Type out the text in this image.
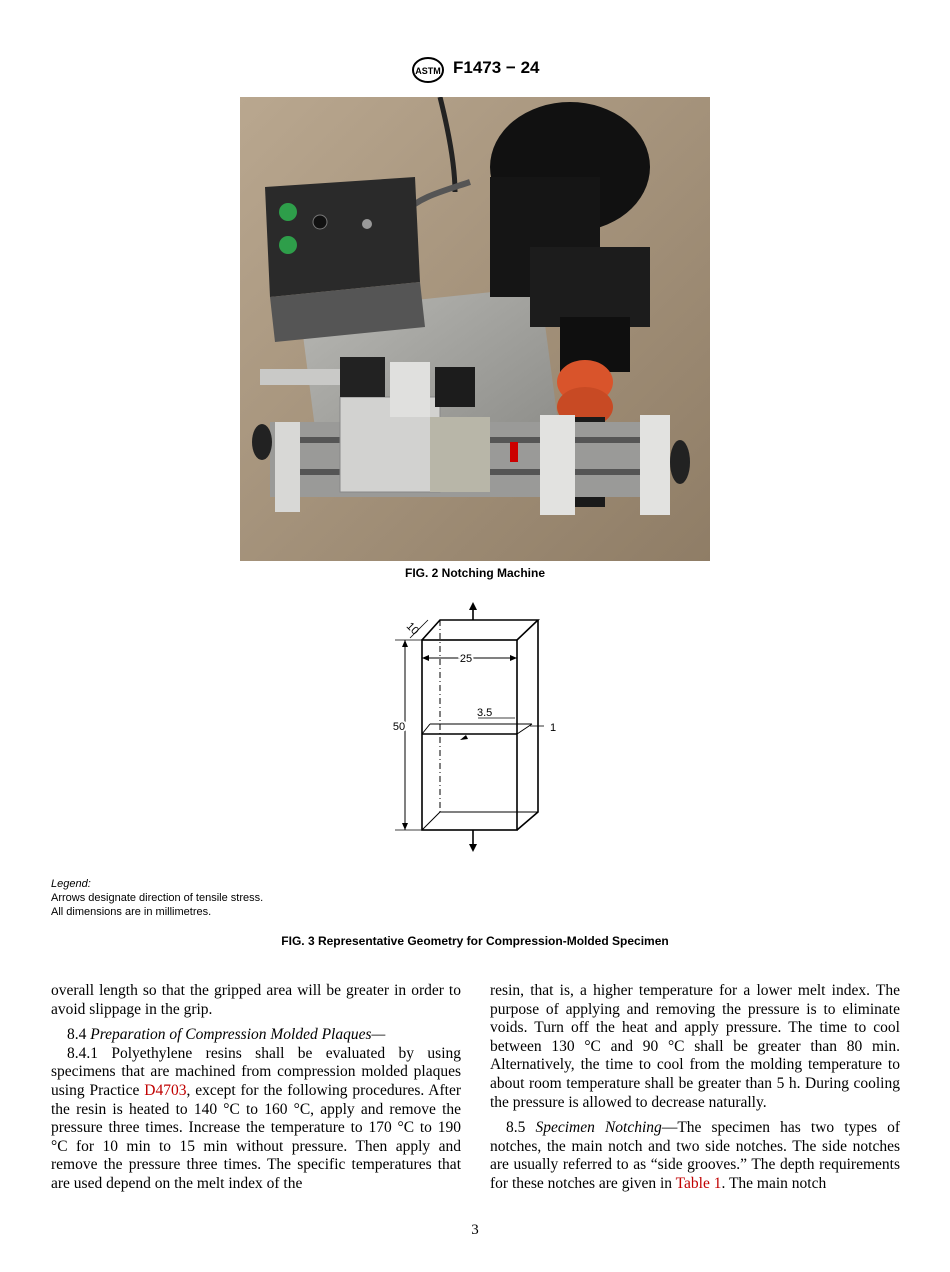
ASTM F1473 − 24
FIG. 2 Notching Machine
10
25
3.5
50	1
Legend:
Arrows designate direction of tensile stress.
All dimensions are in millimetres.
FIG. 3 Representative Geometry for Compression-Molded Specimen

overall length so that the gripped area will be greater in order to avoid slippage in the grip.

8.4 Preparation of Compression Molded Plaques—

8.4.1 Polyethylene resins shall be evaluated by using specimens that are machined from compression molded plaques using Practice D4703, except for the following procedures. After the resin is heated to 140 °C to 160 °C, apply and remove the pressure three times. Increase the temperature to 170 °C to 190 °C for 10 min to 15 min without pressure. Then apply and remove the pressure three times. The specific temperatures that are used depend on the melt index of the

resin, that is, a higher temperature for a lower melt index. The purpose of applying and removing the pressure is to eliminate voids. Turn off the heat and apply pressure. The time to cool between 130 °C and 90 °C shall be greater than 80 min. Alternatively, the time to cool from the molding temperature to about room temperature shall be greater than 5 h. During cooling the pressure is allowed to decrease naturally.

8.5 Specimen Notching—The specimen has two types of notches, the main notch and two side notches. The side notches are usually referred to as “side grooves.” The depth requirements for these notches are given in Table 1. The main notch

3
